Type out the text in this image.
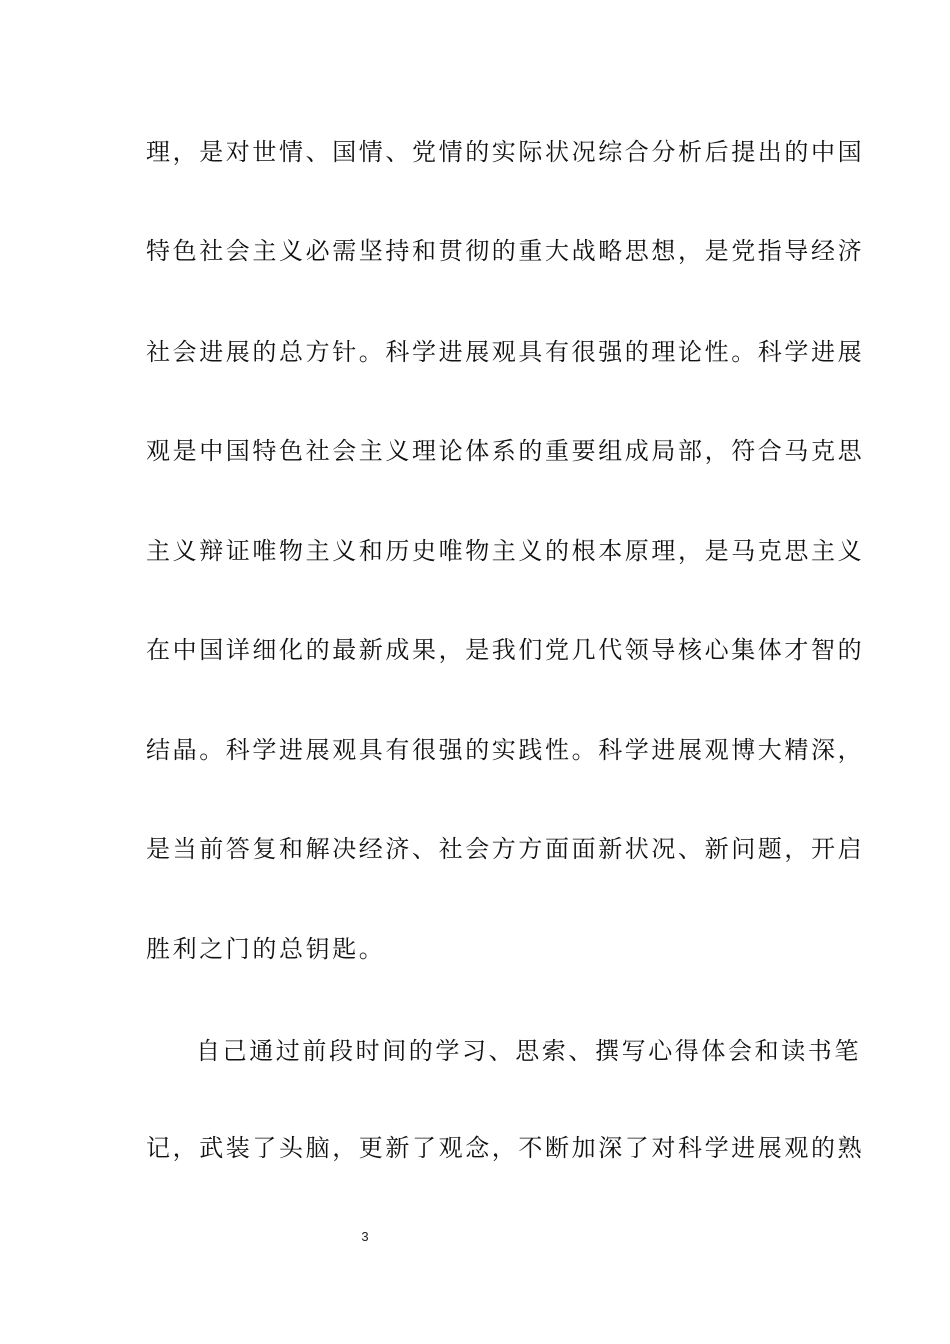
理，是对世情、国情、党情的实际状况综合分析后提出的中国
特色社会主义必需坚持和贯彻的重大战略思想，是党指导经济
社会进展的总方针。科学进展观具有很强的理论性。科学进展
观是中国特色社会主义理论体系的重要组成局部，符合马克思
主义辩证唯物主义和历史唯物主义的根本原理，是马克思主义
在中国详细化的最新成果，是我们党几代领导核心集体才智的
结晶。科学进展观具有很强的实践性。科学进展观博大精深，
是当前答复和解决经济、社会方方面面新状况、新问题，开启
胜利之门的总钥匙。
自己通过前段时间的学习、思索、撰写心得体会和读书笔
记，武装了头脑，更新了观念，不断加深了对科学进展观的熟
3
